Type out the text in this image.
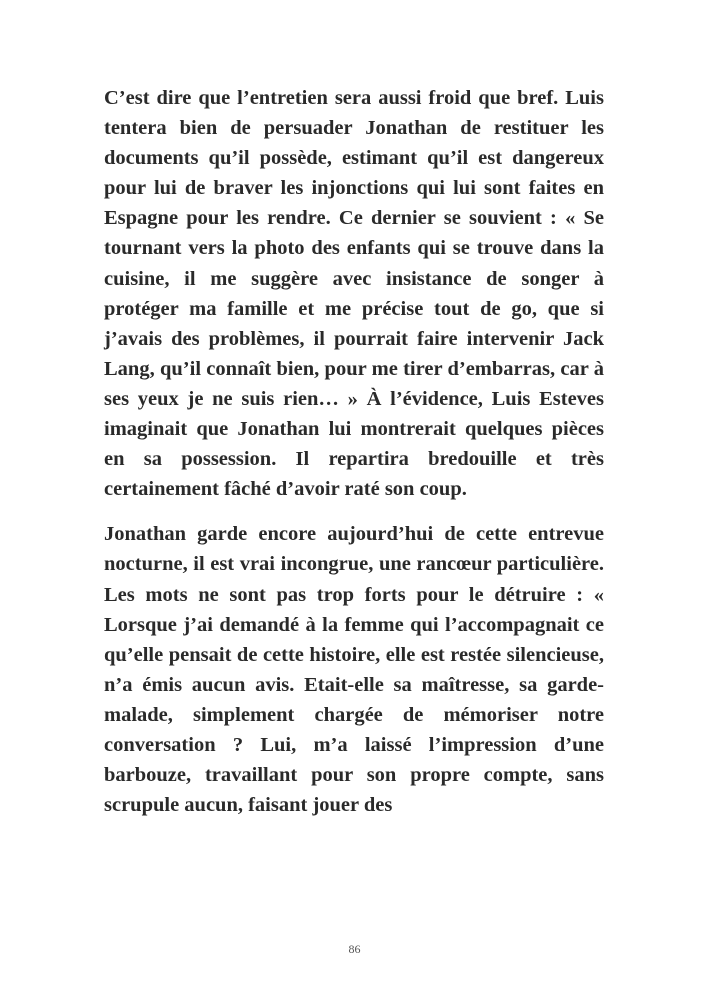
C’est dire que l’entretien sera aussi froid que bref. Luis tentera bien de persuader Jonathan de restituer les documents qu’il possède, estimant qu’il est dangereux pour lui de braver les injonctions qui lui sont faites en Espagne pour les rendre. Ce dernier se souvient : « Se tournant vers la photo des enfants qui se trouve dans la cuisine, il me suggère avec insistance de songer à protéger ma famille et me précise tout de go, que si j’avais des problèmes, il pourrait faire intervenir Jack Lang, qu’il connaît bien, pour me tirer d’embarras, car à ses yeux je ne suis rien… » À l’évidence, Luis Esteves imaginait que Jonathan lui montrerait quelques pièces en sa possession. Il repartira bredouille et très certainement fâché d’avoir raté son coup.

Jonathan garde encore aujourd’hui de cette entrevue nocturne, il est vrai incongrue, une rancœur particulière. Les mots ne sont pas trop forts pour le détruire : « Lorsque j’ai demandé à la femme qui l’accompagnait ce qu’elle pensait de cette histoire, elle est restée silencieuse, n’a émis aucun avis. Etait-elle sa maîtresse, sa garde-malade, simplement chargée de mémoriser notre conversation ? Lui, m’a laissé l’impression d’une barbouze, travaillant pour son propre compte, sans scrupule aucun, faisant jouer des

86
